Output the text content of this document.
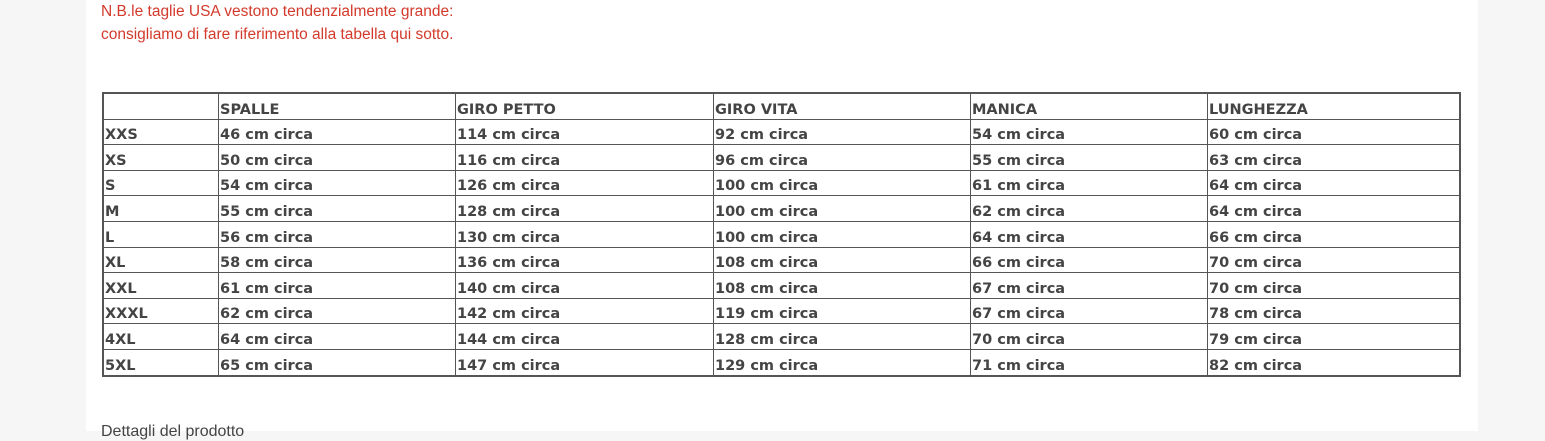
N.B.le taglie USA vestono tendenzialmente grande:
consigliamo di fare riferimento alla tabella qui sotto.
	SPALLE	GIRO PETTO	GIRO VITA	MANICA	LUNGHEZZA
XXS	46 cm circa	114 cm circa	92 cm circa	54 cm circa	60 cm circa
XS	50 cm circa	116 cm circa	96 cm circa	55 cm circa	63 cm circa
S	54 cm circa	126 cm circa	100 cm circa	61 cm circa	64 cm circa
M	55 cm circa	128 cm circa	100 cm circa	62 cm circa	64 cm circa
L	56 cm circa	130 cm circa	100 cm circa	64 cm circa	66 cm circa
XL	58 cm circa	136 cm circa	108 cm circa	66 cm circa	70 cm circa
XXL	61 cm circa	140 cm circa	108 cm circa	67 cm circa	70 cm circa
XXXL	62 cm circa	142 cm circa	119 cm circa	67 cm circa	78 cm circa
4XL	64 cm circa	144 cm circa	128 cm circa	70 cm circa	79 cm circa
5XL	65 cm circa	147 cm circa	129 cm circa	71 cm circa	82 cm circa
Dettagli del prodotto
